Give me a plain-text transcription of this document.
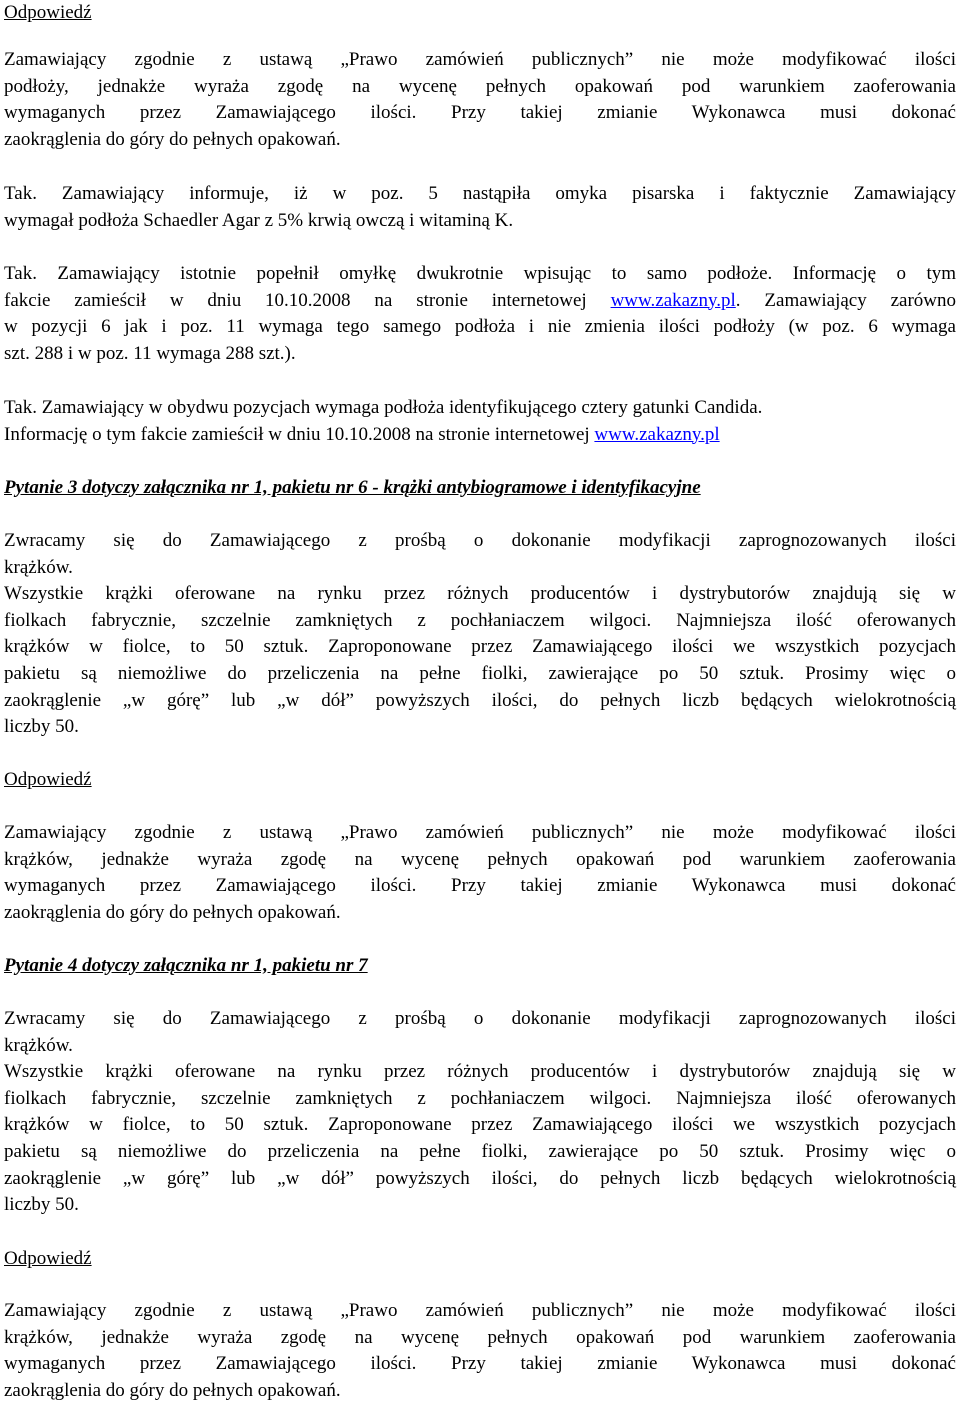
Odpowiedź
Zamawiający zgodnie z ustawą „Prawo zamówień publicznych” nie może modyfikować ilości
podłoży, jednakże wyraża zgodę na wycenę pełnych opakowań pod warunkiem zaoferowania
wymaganych przez Zamawiającego ilości. Przy takiej zmianie Wykonawca musi dokonać
zaokrąglenia do góry do pełnych opakowań.
Tak. Zamawiający informuje, iż w poz. 5 nastąpiła omyka pisarska i faktycznie Zamawiający
wymagał podłoża Schaedler Agar z 5% krwią owczą i witaminą K.
Tak. Zamawiający istotnie popełnił omyłkę dwukrotnie wpisując to samo podłoże. Informację o tym
fakcie zamieścił w dniu 10.10.2008 na stronie internetowej www.zakazny.pl. Zamawiający zarówno
w pozycji 6 jak i poz. 11 wymaga tego samego podłoża i nie zmienia ilości podłoży (w poz. 6 wymaga
szt. 288 i w poz. 11 wymaga 288 szt.).
Tak. Zamawiający w obydwu pozycjach wymaga podłoża identyfikującego cztery gatunki Candida.
Informację o tym fakcie zamieścił w dniu 10.10.2008 na stronie internetowej www.zakazny.pl
Pytanie 3 dotyczy załącznika nr 1, pakietu nr 6 - krążki antybiogramowe i identyfikacyjne
Zwracamy się do Zamawiającego z prośbą o dokonanie modyfikacji zaprognozowanych ilości
krążków.
Wszystkie krążki oferowane na rynku przez różnych producentów i dystrybutorów znajdują się w
fiolkach fabrycznie, szczelnie zamkniętych z pochłaniaczem wilgoci. Najmniejsza ilość oferowanych
krążków w fiolce, to 50 sztuk. Zaproponowane przez Zamawiającego ilości we wszystkich pozycjach
pakietu są niemożliwe do przeliczenia na pełne fiolki, zawierające po 50 sztuk. Prosimy więc o
zaokrąglenie „w górę” lub „w dół” powyższych ilości, do pełnych liczb będących wielokrotnością
liczby 50.
Odpowiedź
Zamawiający zgodnie z ustawą „Prawo zamówień publicznych” nie może modyfikować ilości
krążków, jednakże wyraża zgodę na wycenę pełnych opakowań pod warunkiem zaoferowania
wymaganych przez Zamawiającego ilości. Przy takiej zmianie Wykonawca musi dokonać
zaokrąglenia do góry do pełnych opakowań.
Pytanie 4 dotyczy załącznika nr 1, pakietu nr 7
Zwracamy się do Zamawiającego z prośbą o dokonanie modyfikacji zaprognozowanych ilości
krążków.
Wszystkie krążki oferowane na rynku przez różnych producentów i dystrybutorów znajdują się w
fiolkach fabrycznie, szczelnie zamkniętych z pochłaniaczem wilgoci. Najmniejsza ilość oferowanych
krążków w fiolce, to 50 sztuk. Zaproponowane przez Zamawiającego ilości we wszystkich pozycjach
pakietu są niemożliwe do przeliczenia na pełne fiolki, zawierające po 50 sztuk. Prosimy więc o
zaokrąglenie „w górę” lub „w dół” powyższych ilości, do pełnych liczb będących wielokrotnością
liczby 50.
Odpowiedź
Zamawiający zgodnie z ustawą „Prawo zamówień publicznych” nie może modyfikować ilości
krążków, jednakże wyraża zgodę na wycenę pełnych opakowań pod warunkiem zaoferowania
wymaganych przez Zamawiającego ilości. Przy takiej zmianie Wykonawca musi dokonać
zaokrąglenia do góry do pełnych opakowań.
